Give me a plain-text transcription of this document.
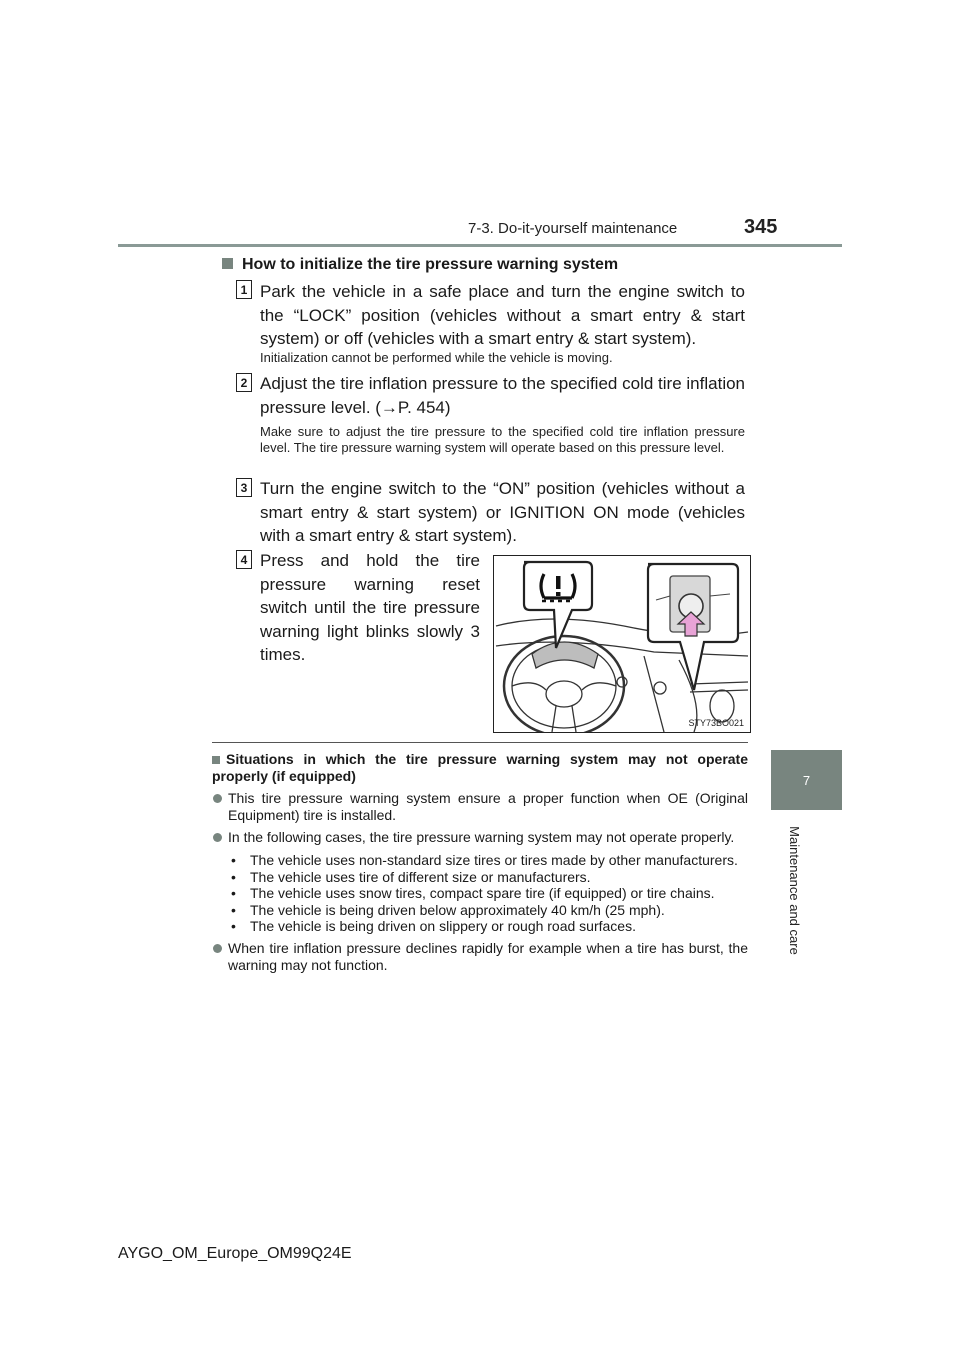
7-3. Do-it-yourself maintenance	345
7
Maintenance and care
How to initialize the tire pressure warning system
1 Park the vehicle in a safe place and turn the engine switch to the “LOCK” position (vehicles without a smart entry & start system) or off (vehicles with a smart entry & start system).
Initialization cannot be performed while the vehicle is moving.
2 Adjust the tire inflation pressure to the specified cold tire inflation pressure level. (→P. 454)
Make sure to adjust the tire pressure to the specified cold tire inflation pressure level. The tire pressure warning system will operate based on this pressure level.
3 Turn the engine switch to the “ON” position (vehicles without a smart entry & start system) or IGNITION ON mode (vehicles with a smart entry & start system).
4 Press and hold the tire pressure warning reset switch until the tire pressure warning light blinks slowly 3 times.
STY73BO021
Situations in which the tire pressure warning system may not operate properly (if equipped)
This tire pressure warning system ensure a proper function when OE (Original Equipment) tire is installed.
In the following cases, the tire pressure warning system may not operate properly.
• The vehicle uses non-standard size tires or tires made by other manufacturers.
• The vehicle uses tire of different size or manufacturers.
• The vehicle uses snow tires, compact spare tire (if equipped) or tire chains.
• The vehicle is being driven below approximately 40 km/h (25 mph).
• The vehicle is being driven on slippery or rough road surfaces.
When tire inflation pressure declines rapidly for example when a tire has burst, the warning may not function.
AYGO_OM_Europe_OM99Q24E
